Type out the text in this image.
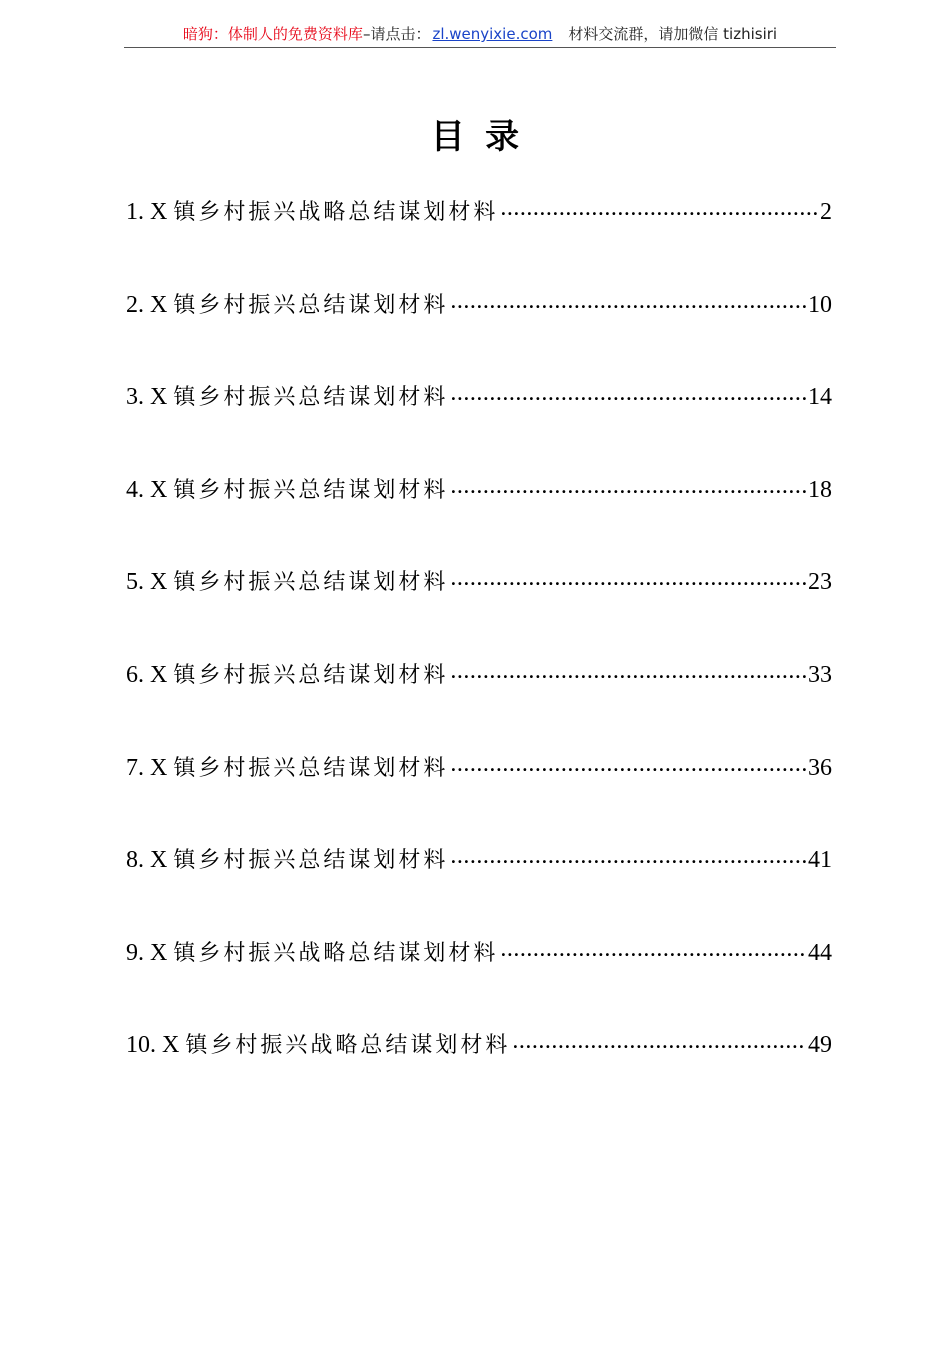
暗狗：体制人的免费资料库 –请点击： zl.wenyixie.com 材料交流群，请加微信 tizhisiri
目录
1. X 镇乡村振兴战略总结谋划材料 .....	2
2. X 镇乡村振兴总结谋划材料 .....	10
3. X 镇乡村振兴总结谋划材料 .....	14
4. X 镇乡村振兴总结谋划材料 .....	18
5. X 镇乡村振兴总结谋划材料 .....	23
6. X 镇乡村振兴总结谋划材料 .....	33
7. X 镇乡村振兴总结谋划材料 .....	36
8. X 镇乡村振兴总结谋划材料 .....	41
9. X 镇乡村振兴战略总结谋划材料 .....	44
10. X 镇乡村振兴战略总结谋划材料 .....	49
